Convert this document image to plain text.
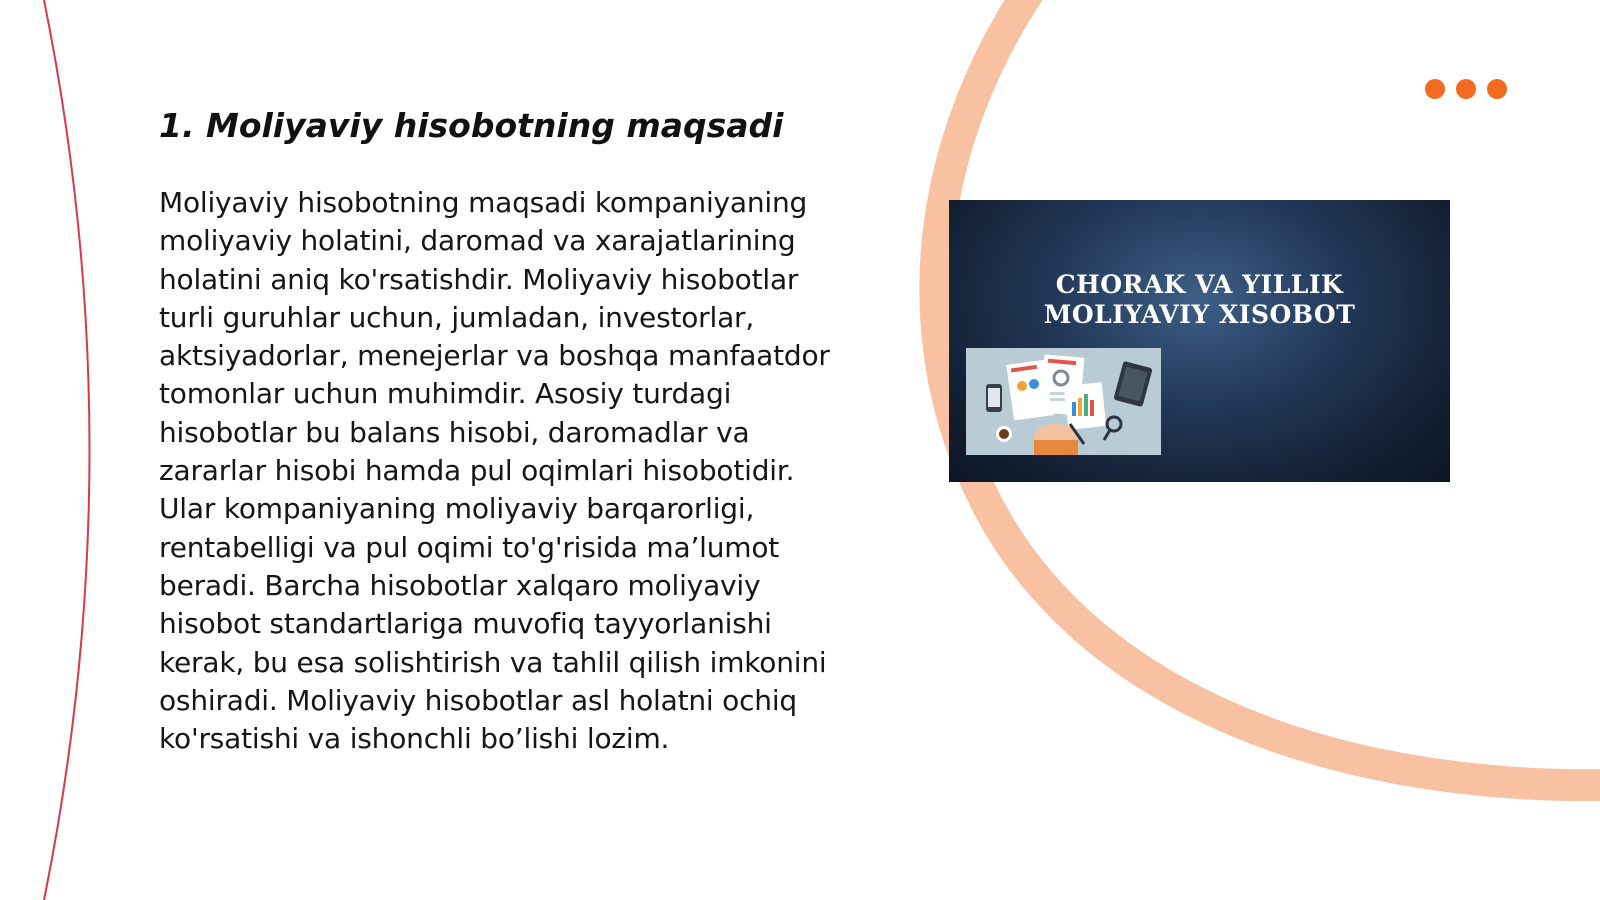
1. Moliyaviy hisobotning maqsadi

Moliyaviy hisobotning maqsadi kompaniyaning moliyaviy holatini, daromad va xarajatlarining holatini aniq ko'rsatishdir. Moliyaviy hisobotlar turli guruhlar uchun, jumladan, investorlar, aktsiyadorlar, menejerlar va boshqa manfaatdor tomonlar uchun muhimdir. Asosiy turdagi hisobotlar bu balans hisobi, daromadlar va zararlar hisobi hamda pul oqimlari hisobotidir. Ular kompaniyaning moliyaviy barqarorligi, rentabelligi va pul oqimi to'g'risida ma’lumot beradi. Barcha hisobotlar xalqaro moliyaviy hisobot standartlariga muvofiq tayyorlanishi kerak, bu esa solishtirish va tahlil qilish imkonini oshiradi. Moliyaviy hisobotlar asl holatni ochiq ko'rsatishi va ishonchli bo’lishi lozim.

CHORAK VA YILLIK
MOLIYAVIY XISOBOT
